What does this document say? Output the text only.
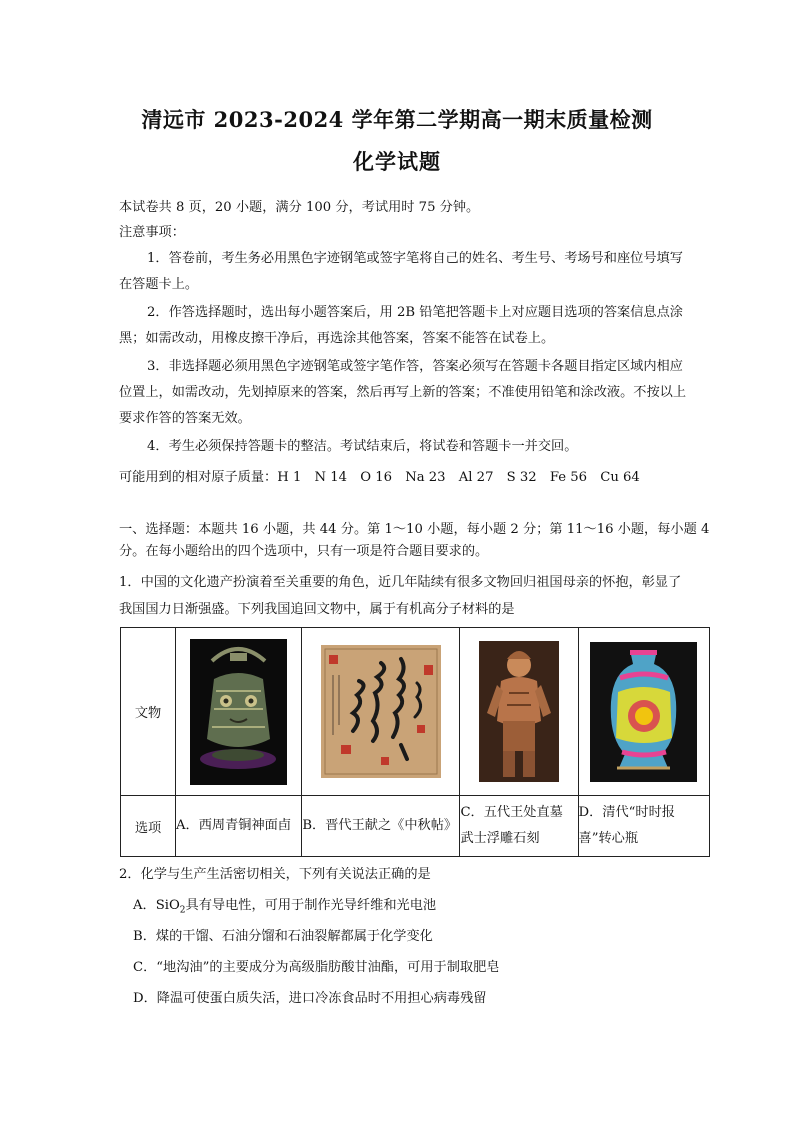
清远市 2023-2024 学年第二学期高一期末质量检测
化学试题
本试卷共 8 页，20 小题，满分 100 分，考试用时 75 分钟。
注意事项：
1．答卷前，考生务必用黑色字迹钢笔或签字笔将自己的姓名、考生号、考场号和座位号填写
在答题卡上。
2．作答选择题时，选出每小题答案后，用 2B 铅笔把答题卡上对应题目选项的答案信息点涂
黑；如需改动，用橡皮擦干净后，再选涂其他答案，答案不能答在试卷上。
3．非选择题必须用黑色字迹钢笔或签字笔作答，答案必须写在答题卡各题目指定区域内相应
位置上，如需改动，先划掉原来的答案，然后再写上新的答案；不准使用铅笔和涂改液。不按以上
要求作答的答案无效。
4．考生必须保持答题卡的整洁。考试结束后，将试卷和答题卡一并交回。
可能用到的相对原子质量：H 1　N 14　O 16　Na 23　Al 27　S 32　Fe 56　Cu 64
一、选择题：本题共 16 小题，共 44 分。第 1～10 小题，每小题 2 分；第 11～16 小题，每小题 4
分。在每小题给出的四个选项中，只有一项是符合题目要求的。
1．中国的文化遗产扮演着至关重要的角色，近几年陆续有很多文物回归祖国母亲的怀抱，彰显了
我国国力日渐强盛。下列我国追回文物中，属于有机高分子材料的是
文物				
选项	A．西周青铜神面卣	B．晋代王献之《中秋帖》	C．五代王处直墓
武士浮雕石刻	D．清代“时时报
喜”转心瓶
2．化学与生产生活密切相关，下列有关说法正确的是
A．SiO$_2$具有导电性，可用于制作光导纤维和光电池
B．煤的干馏、石油分馏和石油裂解都属于化学变化
C．“地沟油”的主要成分为高级脂肪酸甘油酯，可用于制取肥皂
D．降温可使蛋白质失活，进口冷冻食品时不用担心病毒残留
